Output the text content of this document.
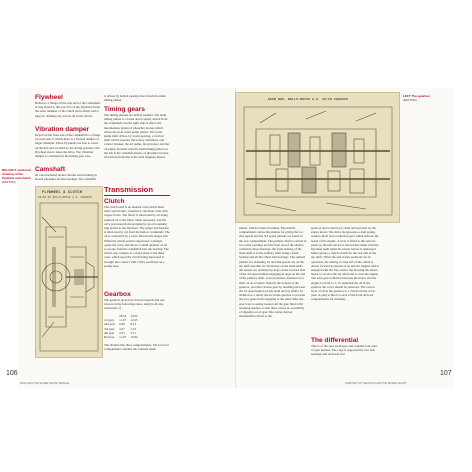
Flywheel
Bolted to a flange on the rear end of the crankshaft. A ring bolted to the rear face of the flywheel forms the outer member of the clutch and is fitted with a plug for draining any excess oil in the clutch.
Vibration damper
Keyed on the front end of the crankshaft is a flange on each side of which there is a friction damper of larger diameter. These flywheels are free to rotate on the hub and are held by the spring pressure; the flywheel sleeve takes the drive. The vibration damper is contained in the timing gear case.
Camshaft
Of case hardened nickel chrome steel running in eleven phosphor bronze bearings. The camshaft
BELOW A sectional drawing of the flywheel and clutch.
(EDITOR)
is driven by helical gearing direct from the main timing pinion.
Timing gears
The timing pinions are helical toothed. The main timing pinion is of steel and is spring driven from the crankshaft. On the right side of this is the intermediate pinion of phosphor bronze which drives the steel water pump pinion. The water pump shaft drives, by worm gearing, a vertical shaft which operates the battery distributor and contact breaker, the air pump, the governor and the oil pump. In mesh with the main timing pinion on the left is the camshaft pinion, of phosphor bronze, and driven from this is the steel magneto pinion.
Transmission
Clutch
The clutch used is an internal cone clutch lined with cotton fabric, fastened to the inner cone with copper rivets. The fabric is lubricated by oil being squirted on to the fabric when necessary, and the oil is prevented from escaping by an oil retaining ring bolted to the flywheel. The spigot end bearing is lubricated by oil from the hollow crankshaft. The oil is controlled by a valve fitted in the spigot end. When the clutch pedal is depressed, a plunger opens the valve and allows a small quantity of oil to escape from the crankshaft into the bearing. The clutch stop consists of a ring bolted to the inner cone, which upon the clutch being depressed is brought into contact with a fibre pad fitted on a spring base.
Gearbox
The gearbox gives four forward speeds and one reverse in the following ratios, using both axle reductions of
	18/52	14/52
1st gear	11.07	12.65
2nd gear	6.98	8.13
3rd gear	5.07	5.23
4th gear	2.03	3.71
Reverse	11.07	15.84
The divided into three compartments. The forward compartment contains the constant mesh
FLYWHEEL & CLUTCH
40/50 HP ROLLS-ROYCE A.S. CHASSIS
106
ROLLS-ROYCE SILVER GHOST MANUAL
GEAR BOX, ROLLS-ROYCE A.S. 40/50 CHASSIS
LEFT The gearbox
(EDITOR)
pinion, which is helical toothed. The middle compartment carries the pinions for giving the 1st, 2nd speeds and the 3rd speed pinions are found in the rear compartment. The primary shaft is carried in two roller bearings and the front end of the shaft is carried by three bearings, the front bearing of the main shaft is in the primary shaft being a plain bearing and all the others ball bearings. The splined pinions for obtaining 1st and 2nd speeds are on the lay shaft and that for 3rd moves on the main shaft. All speeds are obtained by dogs on the forward side of the 3rd speed pinion engaging in dogs on the end of the primary shaft. A broad pinion, mounted on a shaft on an eccentric fitted in the bottom of the gearbox, provides reverse gear by meshing between the 1st speed pinion on the main and lay shafts. In addition to a safety device in the gearbox to prevent any two gears from engaging at the same time, the gear lever is spring loaded and the gate fitted with retaining notches so that there can be no possibility of slipping out of gear. The starter motion mechanism is fitted to the
gearbox and is driven by chain and sprocket by the starter motor. The drive incorporates a dual spring-loaded clutch and a reduction gear which reduces the speed of the engine. A lever is fitted to the selector plates so that the device is moved into mesh with the flywheel teeth when the starter button is depressed. Must operate a clutch switch for the rear end of the lay shaft. When the self-starter positions are in operation, the dialing or reset left of the clutch is drawn forward by means of an electric magnet and is engaged with the free carrier, the drawing the starter motor to revolve the lay shaft and so start the engine. The total gear reduction between the motor and the engine is 25.04 to 1. To replenish the oil in the gearbox the cover should be removed. The correct level of oil in the gearbox is 1.75in from the cover joint. A plug is fitted to each of the front and rear compartments for draining.
The differential
This is of the spur tooth type and contains four pairs of spur pinions. The cage is supported by two ball bearings and enclosed in it
107
ANATOMY OF THE ROLLS-ROYCE SILVER GHOST
